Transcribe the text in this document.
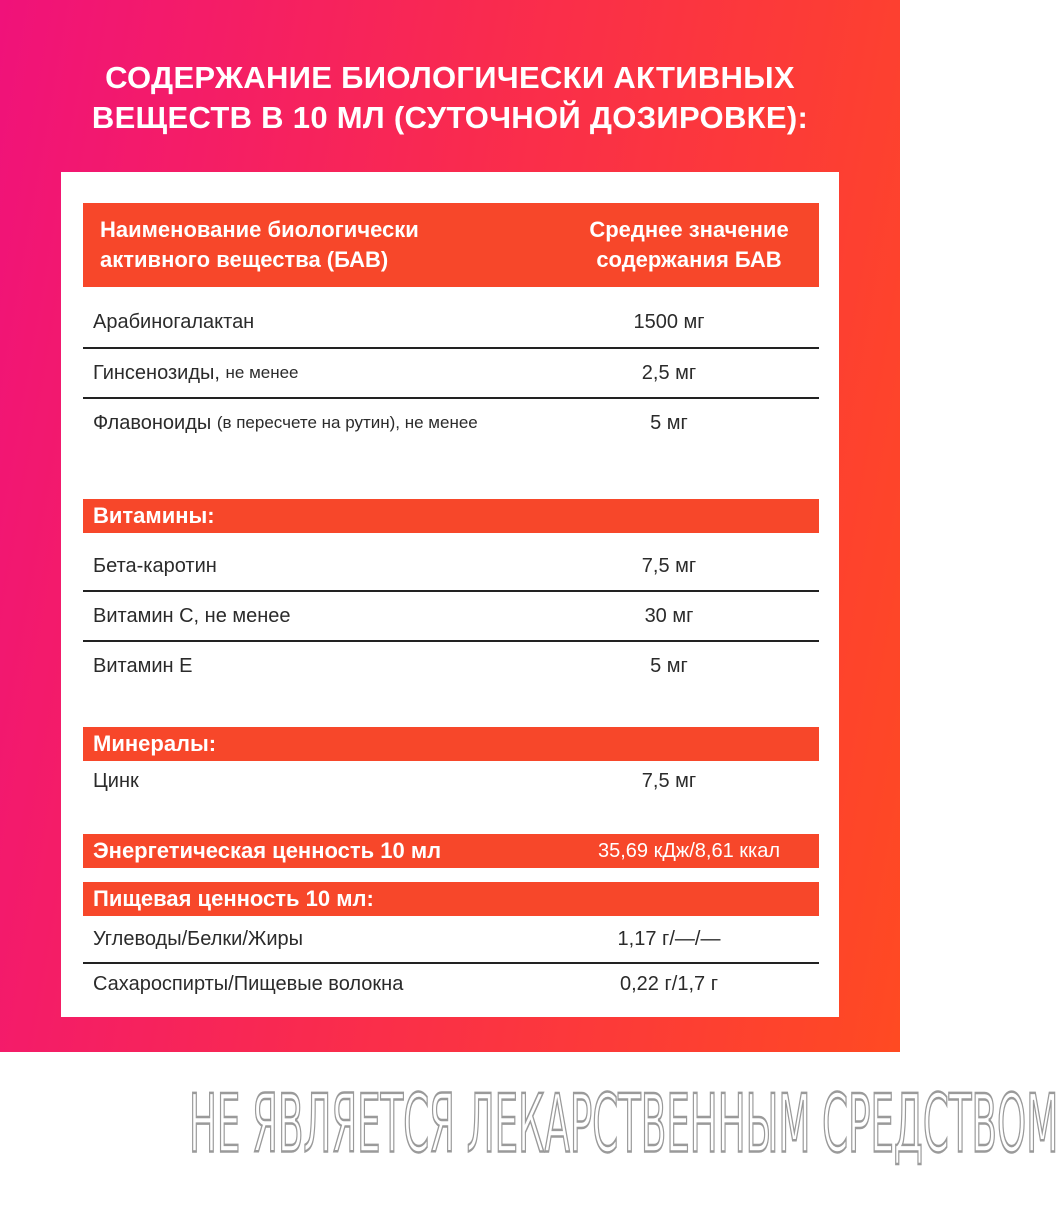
СОДЕРЖАНИЕ БИОЛОГИЧЕСКИ АКТИВНЫХ
ВЕЩЕСТВ В 10 МЛ (СУТОЧНОЙ ДОЗИРОВКЕ):
Наименование биологически активного вещества (БАВ)
Среднее значение содержания БАВ
Арабиногалактан	1500 мг
Гинсенозиды,
не менее	2,5 мг
Флавоноиды
(в пересчете на рутин), не менее	5 мг
Витамины:
Бета-каротин	7,5 мг
Витамин С, не менее	30 мг
Витамин Е	5 мг
Минералы:
Цинк	7,5 мг
Энергетическая ценность 10 мл	35,69 кДж/8,61 ккал
Пищевая ценность 10 мл:
Углеводы/Белки/Жиры	1,17 г/—/—
Сахароспирты/Пищевые волокна	0,22 г/1,7 г
НЕ ЯВЛЯЕТСЯ ЛЕКАРСТВЕННЫМ СРЕДСТВОМ
